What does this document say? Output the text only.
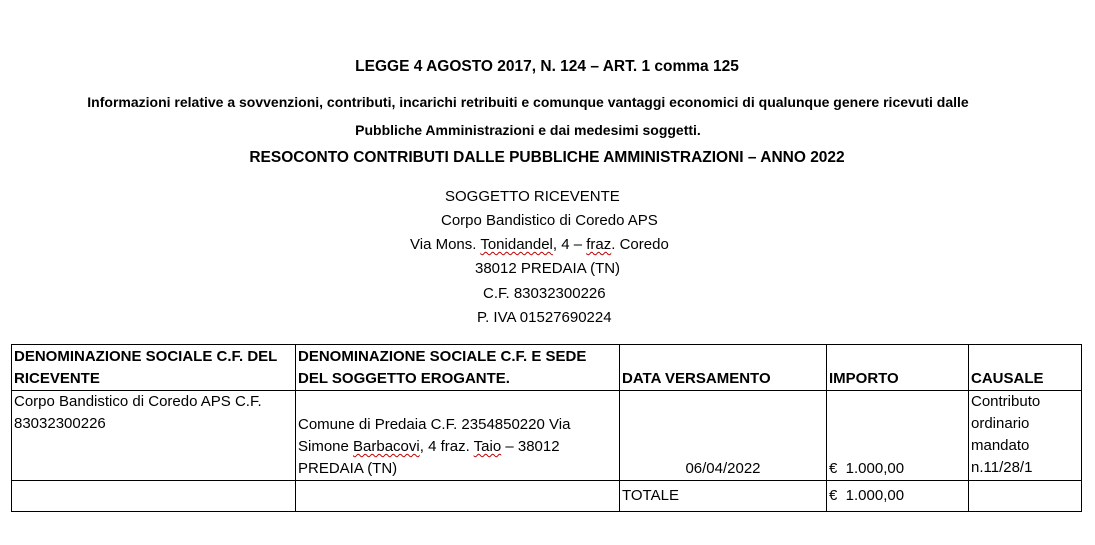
LEGGE 4 AGOSTO 2017, N. 124 – ART. 1 comma 125
Informazioni relative a sovvenzioni, contributi, incarichi retribuiti e comunque vantaggi economici di qualunque genere ricevuti dalle
Pubbliche Amministrazioni e dai medesimi soggetti.
RESOCONTO CONTRIBUTI DALLE PUBBLICHE AMMINISTRAZIONI – ANNO 2022
SOGGETTO RICEVENTE
Corpo Bandistico di Coredo APS
Via Mons. Tonidandel, 4 – fraz. Coredo
38012 PREDAIA (TN)
C.F. 83032300226
P. IVA 01527690224
DENOMINAZIONE SOCIALE C.F. DEL RICEVENTE	DENOMINAZIONE SOCIALE C.F. E SEDE DEL SOGGETTO EROGANTE.	DATA VERSAMENTO	IMPORTO	CAUSALE
Corpo Bandistico di Coredo APS C.F. 83032300226	Comune di Predaia C.F. 2354850220 Via Simone Barbacovi, 4 fraz. Taio – 38012 PREDAIA (TN)	06/04/2022	€  1.000,00	Contributo ordinario mandato n.11/28/1
		TOTALE	€  1.000,00	
